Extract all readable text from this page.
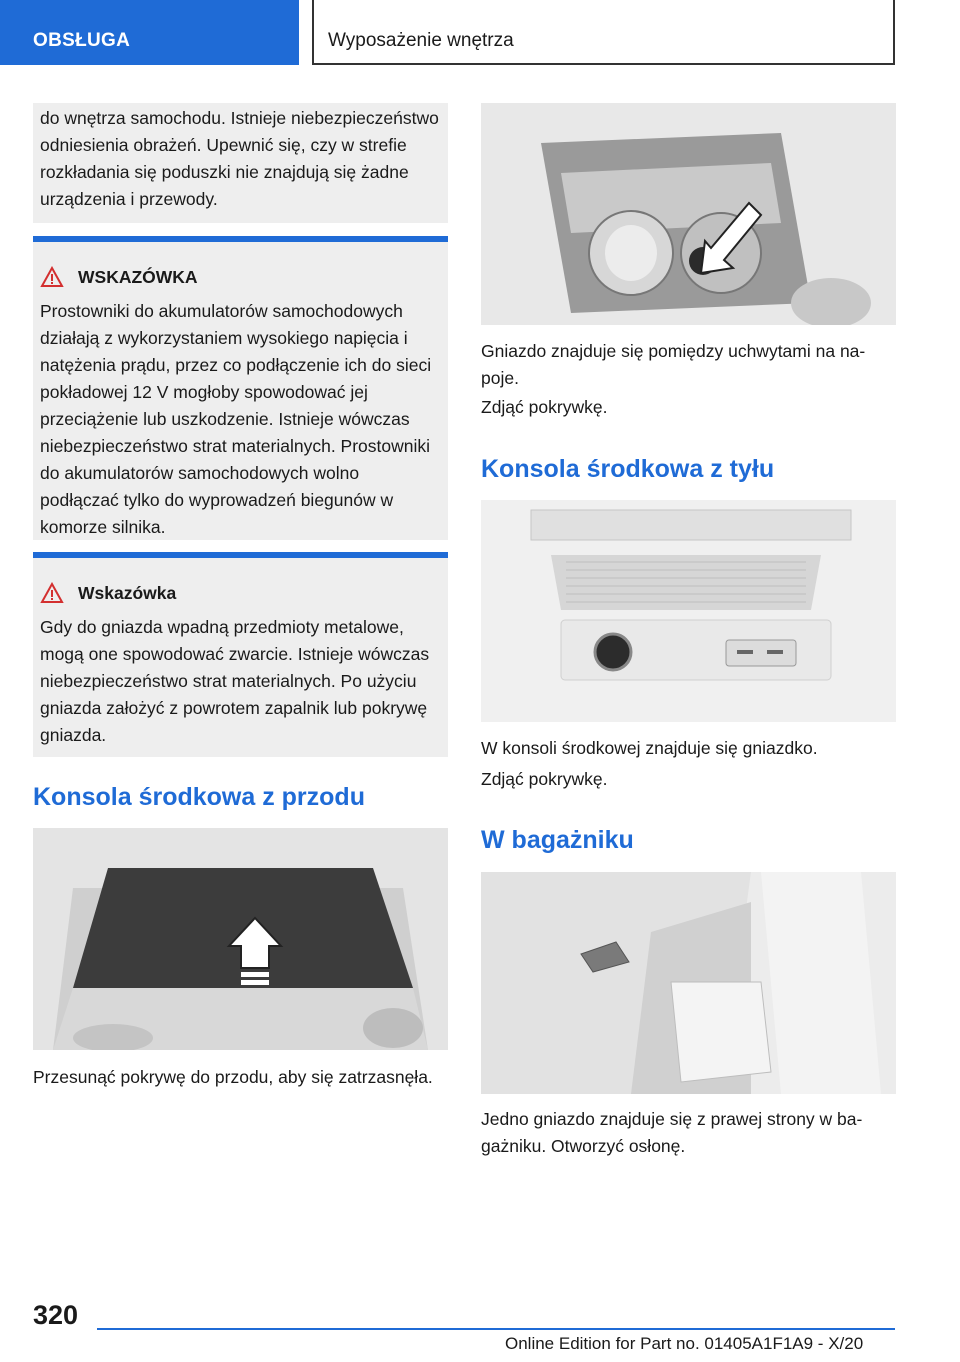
OBSŁUGA	Wyposażenie wnętrza

do wnętrza samochodu. Istnieje niebezpieczeństwo odniesienia obrażeń. Upewnić się, czy w strefie rozkładania się poduszki nie znajdują się żadne urządzenia i przewody.

WSKAZÓWKA

Prostowniki do akumulatorów samochodowych działają z wykorzystaniem wysokiego napięcia i natężenia prądu, przez co podłączenie ich do sieci pokładowej 12 V mogłoby spowodować jej przeciążenie lub uszkodzenie. Istnieje wówczas niebezpieczeństwo strat materialnych. Prostowniki do akumulatorów samochodowych wolno podłączać tylko do wyprowadzeń biegunów w komorze silnika.

Wskazówka

Gdy do gniazda wpadną przedmioty metalowe, mogą one spowodować zwarcie. Istnieje wówczas niebezpieczeństwo strat materialnych. Po użyciu gniazda założyć z powrotem zapalnik lub pokrywę gniazda.

Konsola środkowa z przodu

Przesunąć pokrywę do przodu, aby się zatrzasnęła.

Gniazdo znajduje się pomiędzy uchwytami na napoje.

Zdjąć pokrywkę.

Konsola środkowa z tyłu

W konsoli środkowej znajduje się gniazdko.

Zdjąć pokrywkę.

W bagażniku

Jedno gniazdo znajduje się z prawej strony w bagażniku. Otworzyć osłonę.

320
Online Edition for Part no. 01405A1F1A9 - X/20
